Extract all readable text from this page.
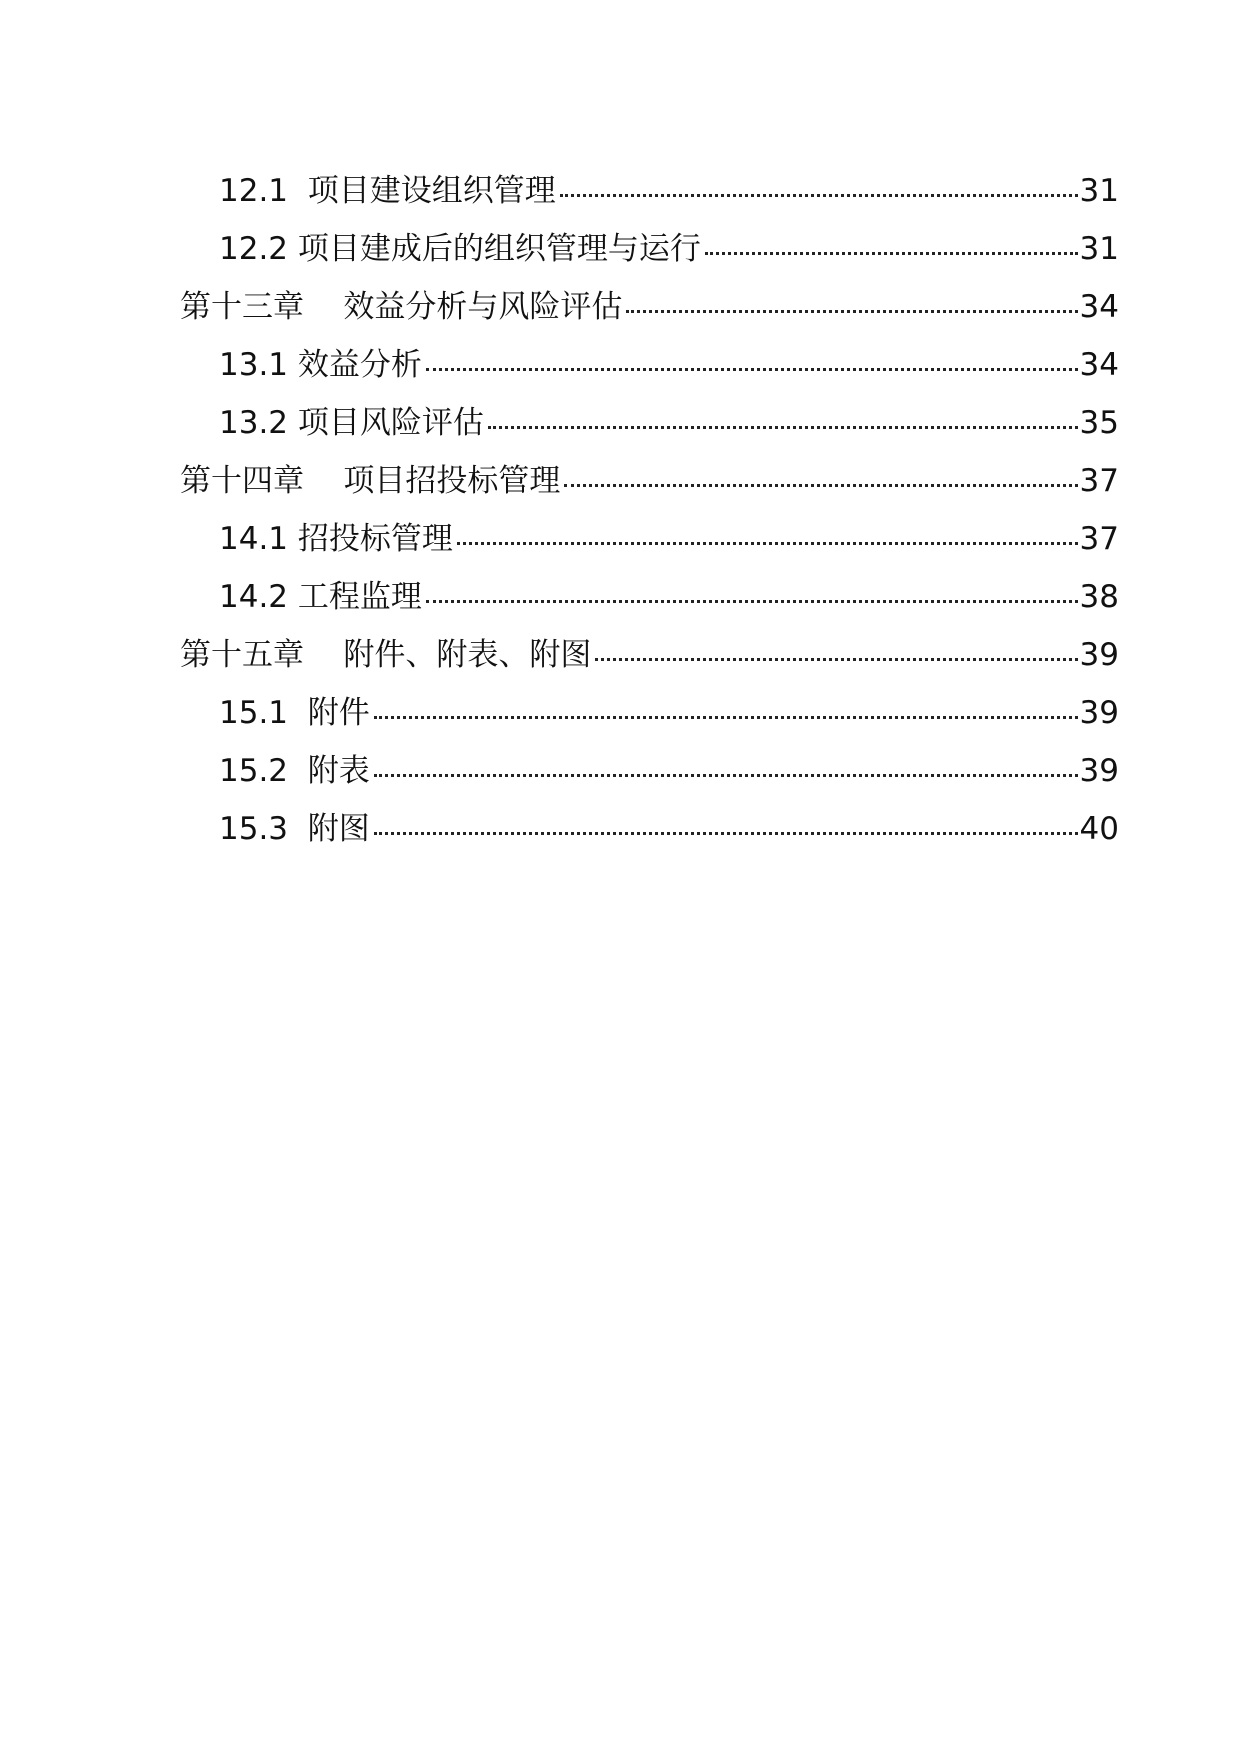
12.1  项目建设组织管理	31
12.2 项目建成后的组织管理与运行	31
第十三章    效益分析与风险评估	34
13.1 效益分析	34
13.2 项目风险评估	35
第十四章    项目招投标管理	37
14.1 招投标管理	37
14.2 工程监理	38
第十五章    附件、附表、附图	39
15.1  附件	39
15.2  附表	39
15.3  附图	40
